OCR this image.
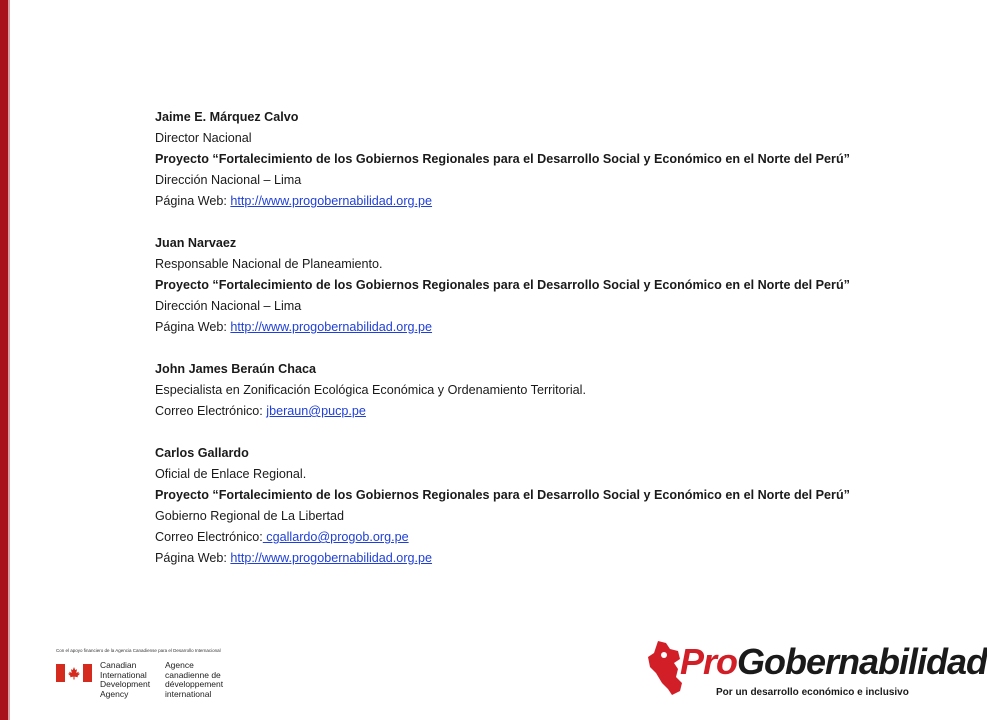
Jaime E. Márquez Calvo
Director Nacional
Proyecto “Fortalecimiento de los Gobiernos Regionales para el Desarrollo Social y Económico en el Norte del Perú”
Dirección Nacional – Lima
Página Web: http://www.progobernabilidad.org.pe
Juan Narvaez
Responsable Nacional de Planeamiento.
Proyecto “Fortalecimiento de los Gobiernos Regionales para el Desarrollo Social y Económico en el Norte del Perú”
Dirección Nacional – Lima
Página Web: http://www.progobernabilidad.org.pe
John James Beraún Chaca
Especialista en Zonificación Ecológica Económica y Ordenamiento Territorial.
Correo Electrónico: jberaun@pucp.pe
Carlos Gallardo
Oficial de Enlace Regional.
Proyecto “Fortalecimiento de los Gobiernos Regionales para el Desarrollo Social y Económico en el Norte del Perú”
Gobierno Regional de La Libertad
Correo Electrónico: cgallardo@progob.org.pe
Página Web: http://www.progobernabilidad.org.pe
Con el apoyo financiero de la Agencia Canadiense para el Desarrollo Internacional
Canadian
International
Development
Agency
Agence
canadienne de
développement
international
ProGobernabilidad
Por un desarrollo económico e inclusivo
